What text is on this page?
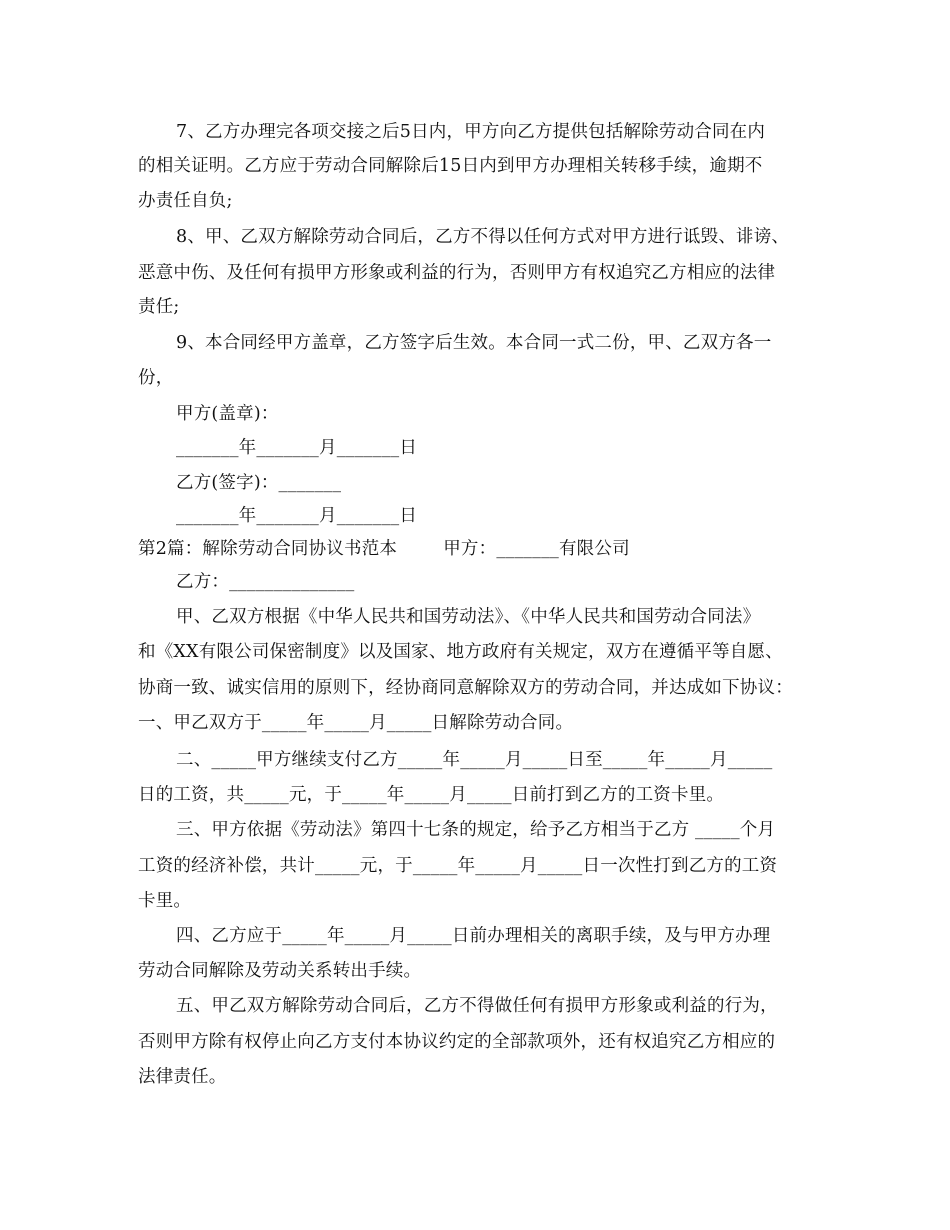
7、乙方办理完各项交接之后5日内，甲方向乙方提供包括解除劳动合同在内
的相关证明。乙方应于劳动合同解除后15日内到甲方办理相关转移手续，逾期不
办责任自负;
8、甲、乙双方解除劳动合同后，乙方不得以任何方式对甲方进行诋毁、诽谤、
恶意中伤、及任何有损甲方形象或利益的行为，否则甲方有权追究乙方相应的法律
责任;
9、本合同经甲方盖章，乙方签字后生效。本合同一式二份，甲、乙双方各一
份，
甲方(盖章)：
_______年_______月_______日
乙方(签字)：_______
_______年_______月_______日
第2篇：解除劳动合同协议书范本        甲方：_______有限公司
乙方：______________
甲、乙双方根据《中华人民共和国劳动法》、《中华人民共和国劳动合同法》
和《XX有限公司保密制度》以及国家、地方政府有关规定，双方在遵循平等自愿、
协商一致、诚实信用的原则下，经协商同意解除双方的劳动合同，并达成如下协议：
一、甲乙双方于_____年_____月_____日解除劳动合同。
二、_____甲方继续支付乙方_____年_____月_____日至_____年_____月_____
日的工资，共_____元，于_____年_____月_____日前打到乙方的工资卡里。
三、甲方依据《劳动法》第四十七条的规定，给予乙方相当于乙方 _____个月
工资的经济补偿，共计_____元，于_____年_____月_____日一次性打到乙方的工资
卡里。
四、乙方应于_____年_____月_____日前办理相关的离职手续，及与甲方办理
劳动合同解除及劳动关系转出手续。
五、甲乙双方解除劳动合同后，乙方不得做任何有损甲方形象或利益的行为，
否则甲方除有权停止向乙方支付本协议约定的全部款项外，还有权追究乙方相应的
法律责任。
